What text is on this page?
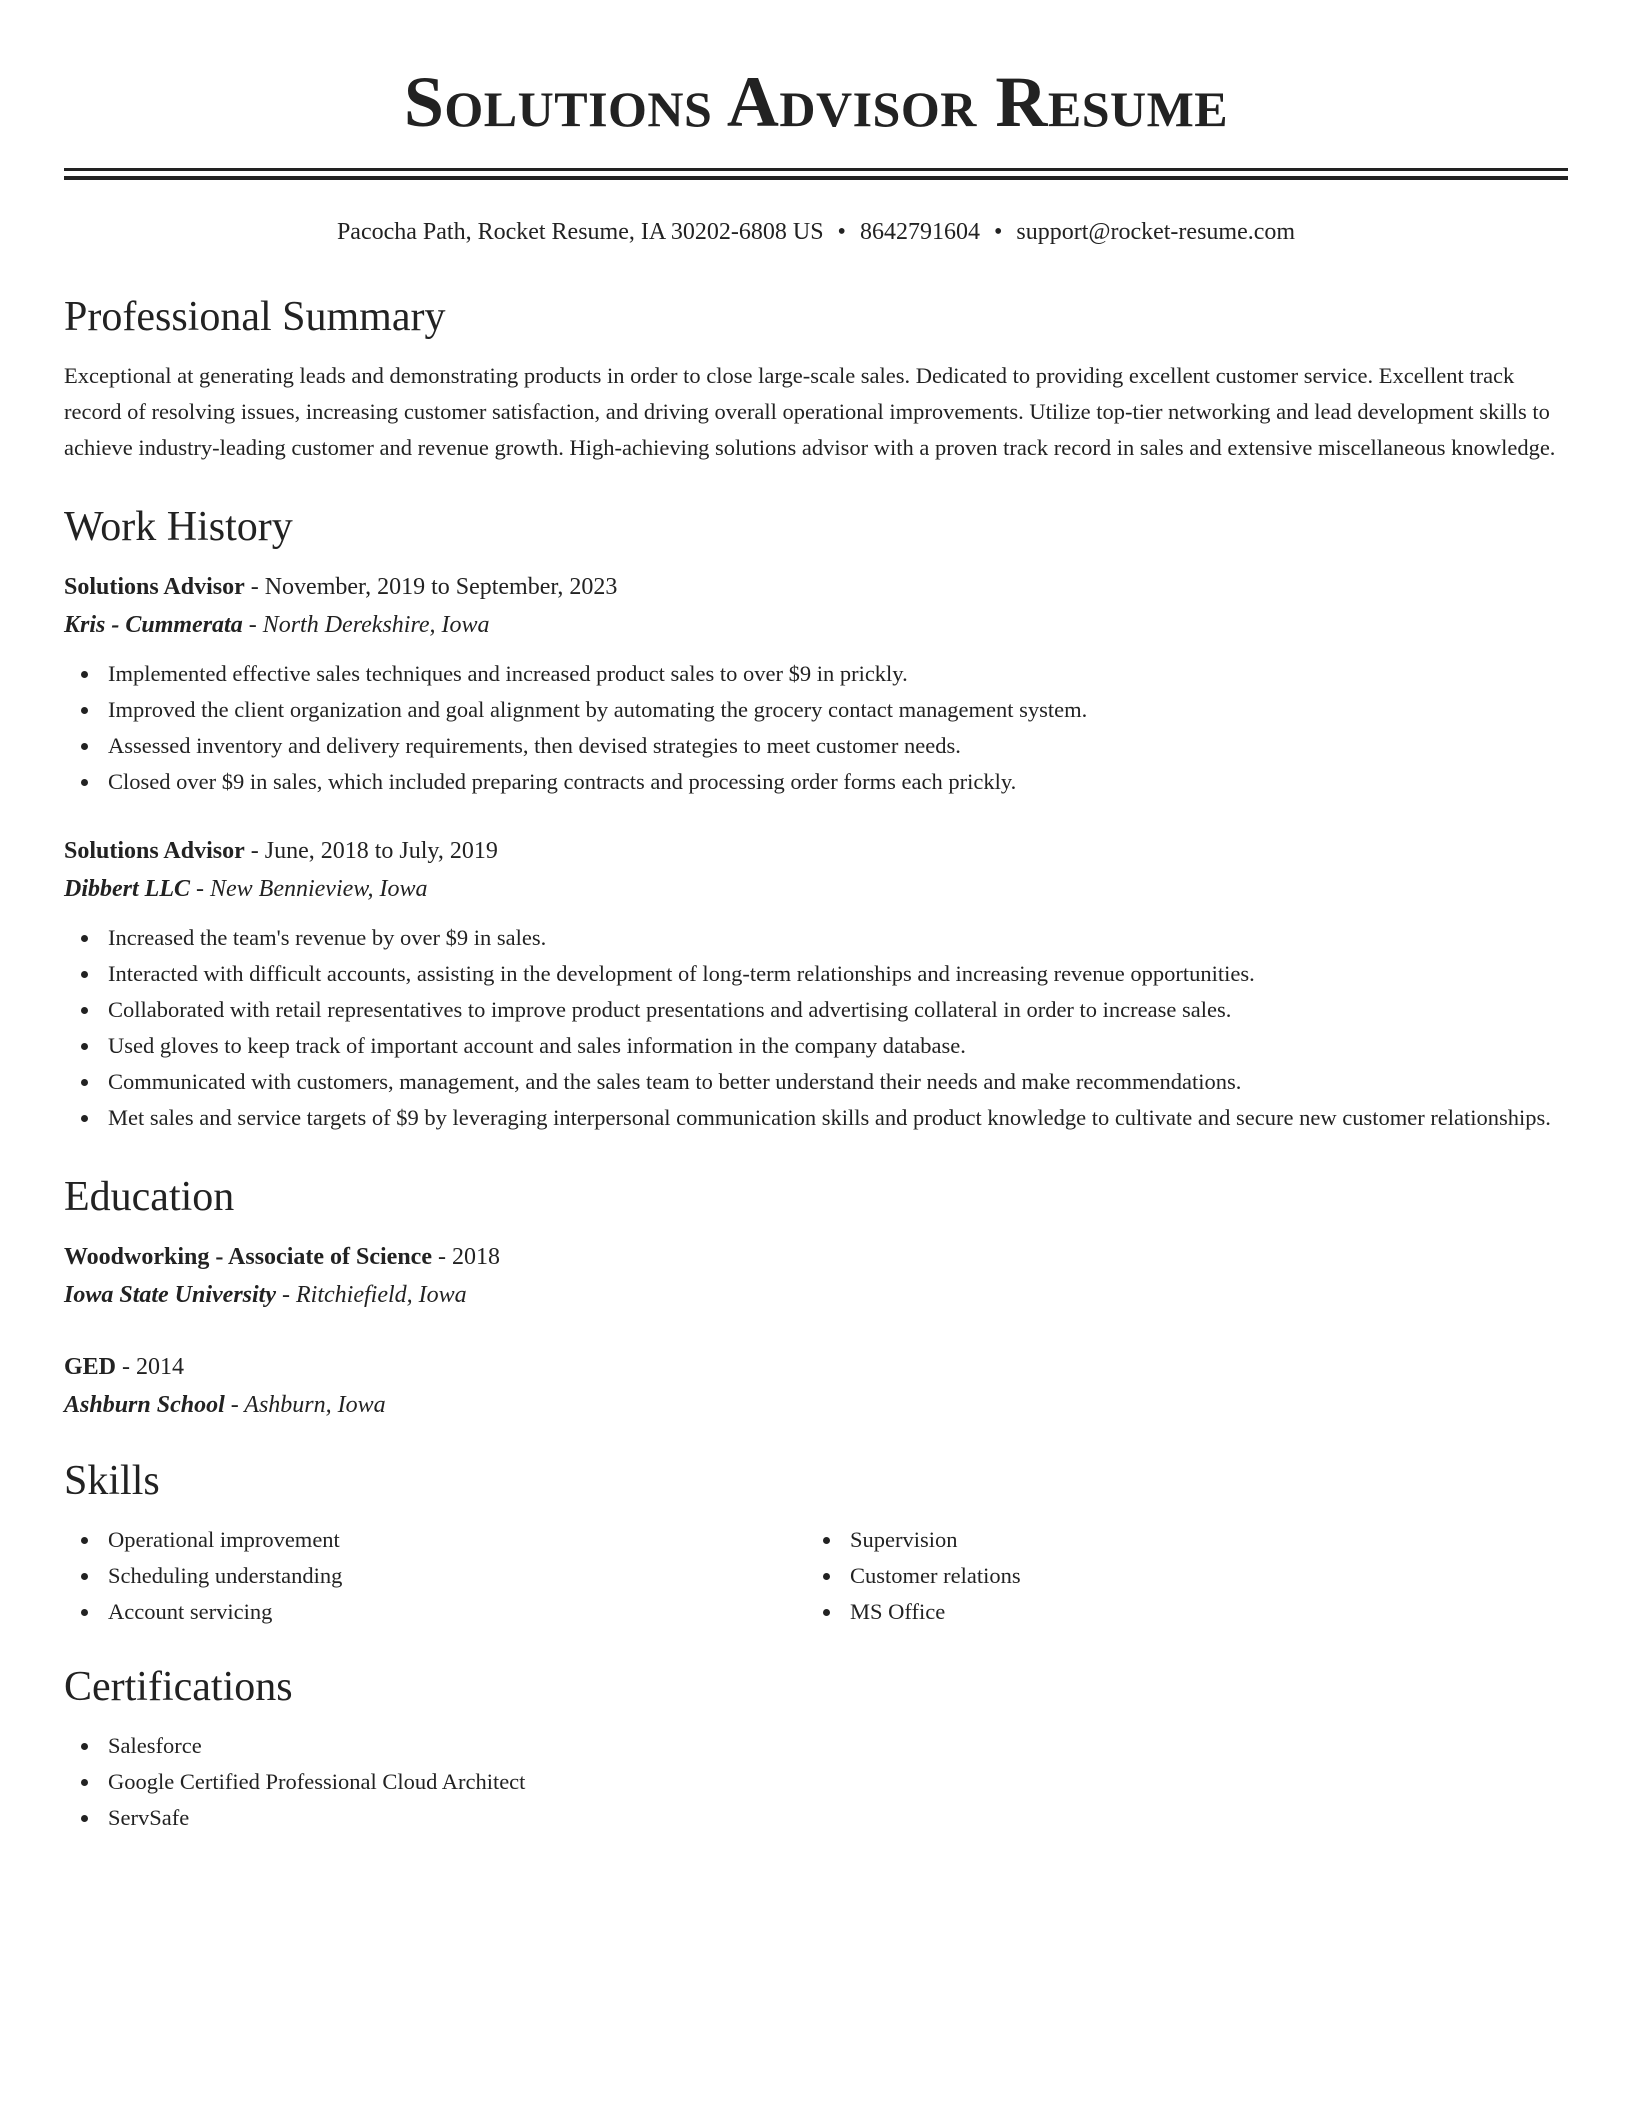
Solutions Advisor Resume
Pacocha Path, Rocket Resume, IA 30202-6808 US • 8642791604 • support@rocket-resume.com
Professional Summary

Exceptional at generating leads and demonstrating products in order to close large-scale sales. Dedicated to providing excellent customer service. Excellent track record of resolving issues, increasing customer satisfaction, and driving overall operational improvements. Utilize top-tier networking and lead development skills to achieve industry-leading customer and revenue growth. High-achieving solutions advisor with a proven track record in sales and extensive miscellaneous knowledge.

Work History
Solutions Advisor - November, 2019 to September, 2023
Kris - Cummerata - North Derekshire, Iowa
Implemented effective sales techniques and increased product sales to over $9 in prickly.
Improved the client organization and goal alignment by automating the grocery contact management system.
Assessed inventory and delivery requirements, then devised strategies to meet customer needs.
Closed over $9 in sales, which included preparing contracts and processing order forms each prickly.
Solutions Advisor - June, 2018 to July, 2019
Dibbert LLC - New Bennieview, Iowa
Increased the team's revenue by over $9 in sales.
Interacted with difficult accounts, assisting in the development of long-term relationships and increasing revenue opportunities.
Collaborated with retail representatives to improve product presentations and advertising collateral in order to increase sales.
Used gloves to keep track of important account and sales information in the company database.
Communicated with customers, management, and the sales team to better understand their needs and make recommendations.
Met sales and service targets of $9 by leveraging interpersonal communication skills and product knowledge to cultivate and secure new customer relationships.
Education
Woodworking - Associate of Science - 2018
Iowa State University - Ritchiefield, Iowa
GED - 2014
Ashburn School - Ashburn, Iowa
Skills
Operational improvement
Scheduling understanding
Account servicing
Supervision
Customer relations
MS Office
Certifications
Salesforce
Google Certified Professional Cloud Architect
ServSafe
